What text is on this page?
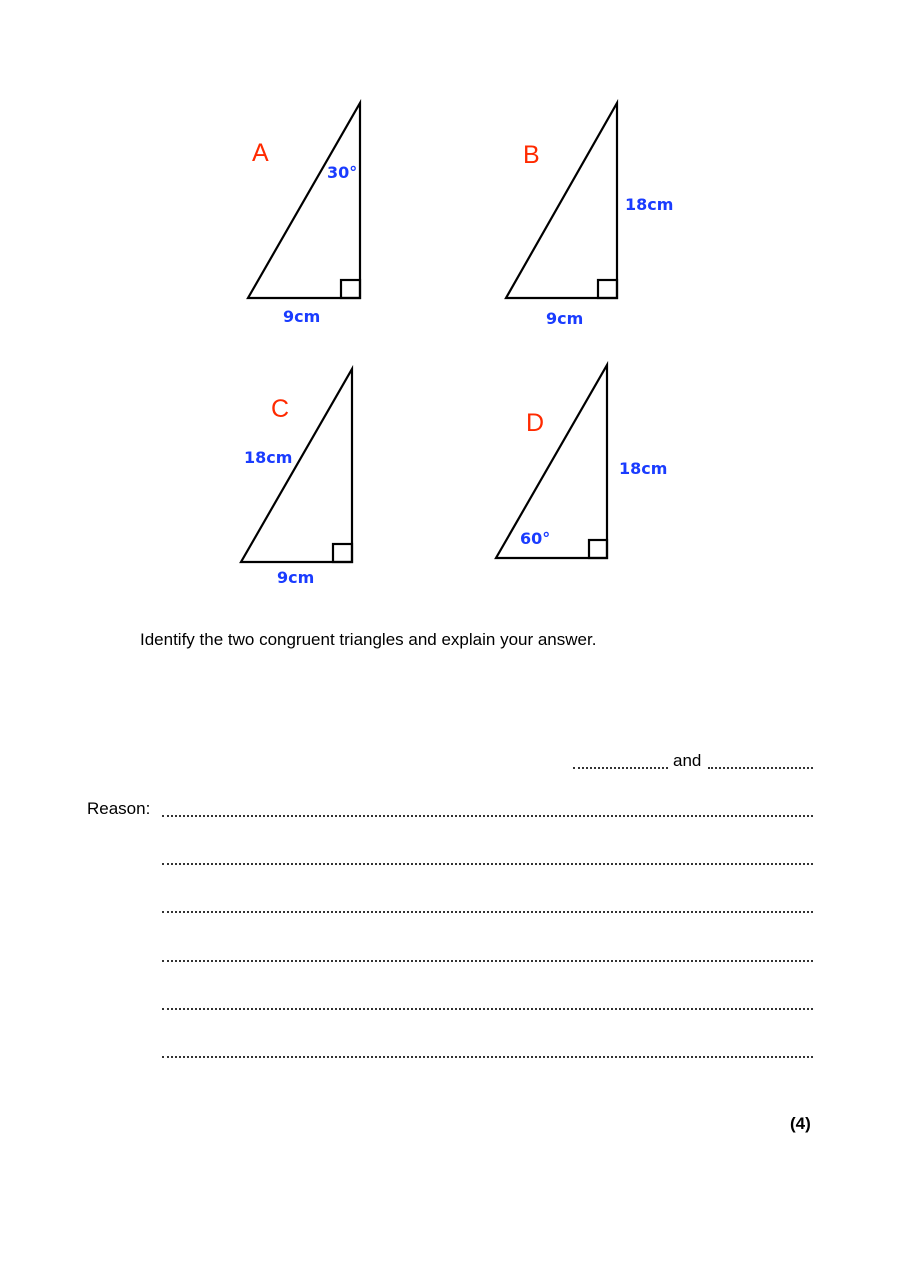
A
30°
9cm
B
18cm
9cm
C
18cm
9cm
D
18cm
60°
Identify the two congruent triangles and explain your answer.
and
Reason:
(4)
